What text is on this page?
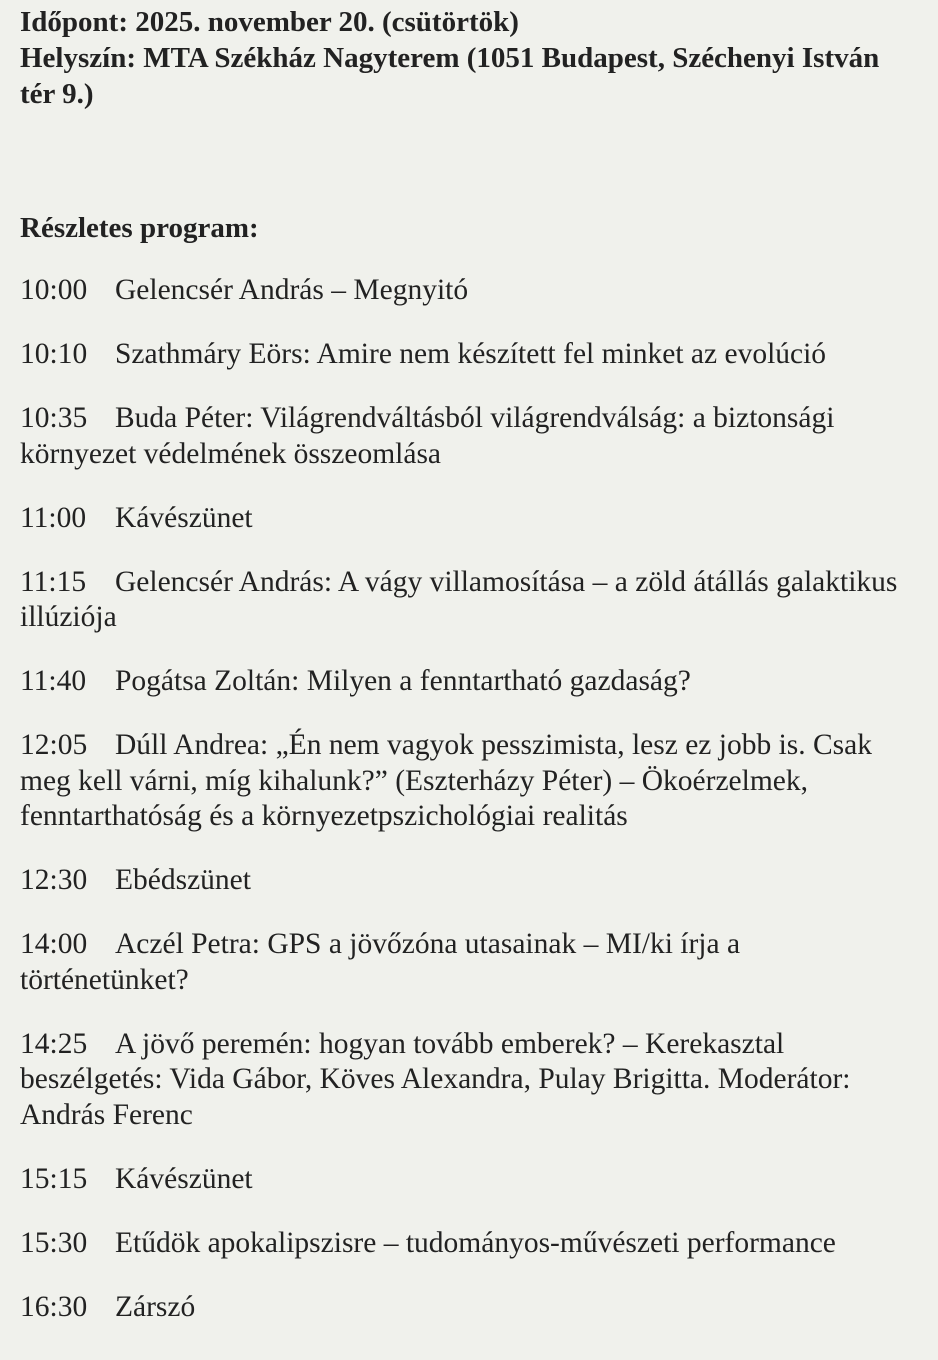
Időpont: 2025. november 20. (csütörtök)

Helyszín: MTA Székház Nagyterem (1051 Budapest, Széchenyi István tér 9.)

Részletes program:

10:00 Gelencsér András – Megnyitó

10:10 Szathmáry Eörs: Amire nem készített fel minket az evolúció

10:35 Buda Péter: Világrendváltásból világrendválság: a biztonsági környezet védelmének összeomlása

11:00 Kávészünet

11:15 Gelencsér András: A vágy villamosítása – a zöld átállás galaktikus illúziója

11:40 Pogátsa Zoltán: Milyen a fenntartható gazdaság?

12:05 Dúll Andrea: „Én nem vagyok pesszimista, lesz ez jobb is. Csak meg kell várni, míg kihalunk?” (Eszterházy Péter) – Ökoérzelmek, fenntarthatóság és a környezetpszichológiai realitás

12:30 Ebédszünet

14:00 Aczél Petra: GPS a jövőzóna utasainak – MI/ki írja a történetünket?

14:25 A jövő peremén: hogyan tovább emberek? – Kerekasztal beszélgetés: Vida Gábor, Köves Alexandra, Pulay Brigitta. Moderátor: András Ferenc

15:15 Kávészünet

15:30 Etűdök apokalipszisre – tudományos-művészeti performance

16:30 Zárszó
